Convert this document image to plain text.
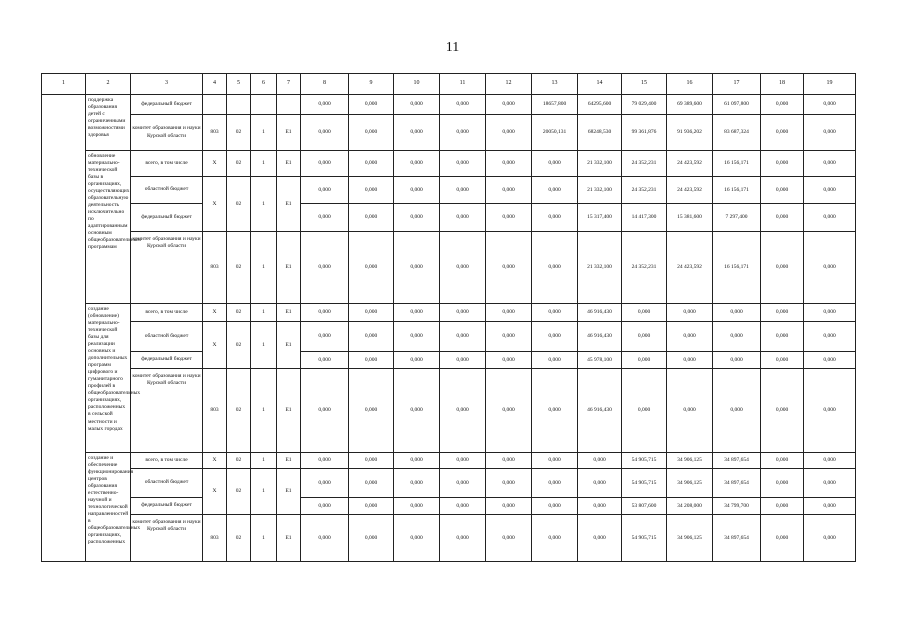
11
1	2	3	4	5	6	7	8	9	10	11	12	13	14	15	16	17	18	19
	поддержка образования детей с ограниченными возможностями здоровья	федеральный бюджет					0,000	0,000	0,000	0,000	0,000	18657,800	64295,600	79 029,400	69 389,600	61 097,800	0,000	0,000
		комитет образования и науки Курской области	803	02	1	E1	0,000	0,000	0,000	0,000	0,000	20050,131	68248,530	99 361,876	91 936,202	83 687,324	0,000	0,000
	обновление материально-технической базы в организациях, осуществляющих образовательную деятельность исключительно по адаптированным основным общеобразовательным программам	всего, в том числе	X	02	1	E1	0,000	0,000	0,000	0,000	0,000	0,000	21 332,100	24 352,231	24 423,592	16 156,171	0,000	0,000
		областной бюджет	X	02	1	E1	0,000	0,000	0,000	0,000	0,000	0,000	21 332,100	24 352,231	24 423,592	16 156,171	0,000	0,000
		федеральный бюджет					0,000	0,000	0,000	0,000	0,000	0,000	15 317,400	14 417,300	15 381,600	7 297,400	0,000	0,000
		комитет образования и науки Курской области	803	02	1	E1	0,000	0,000	0,000	0,000	0,000	0,000	21 332,100	24 352,231	24 423,592	16 156,171	0,000	0,000
	создание (обновление) материально-технической базы для реализации основных и дополнительных программ цифрового и гуманитарного профилей в общеобразовательных организациях, расположенных в сельской местности и малых городах	всего, в том числе	X	02	1	E1	0,000	0,000	0,000	0,000	0,000	0,000	46 916,430	0,000	0,000	0,000	0,000	0,000
		областной бюджет	X	02	1	E1	0,000	0,000	0,000	0,000	0,000	0,000	46 916,430	0,000	0,000	0,000	0,000	0,000
		федеральный бюджет					0,000	0,000	0,000	0,000	0,000	0,000	45 978,100	0,000	0,000	0,000	0,000	0,000
		комитет образования и науки Курской области	803	02	1	E1	0,000	0,000	0,000	0,000	0,000	0,000	46 916,430	0,000	0,000	0,000	0,000	0,000
	создание и обеспечение функционирования центров образования естественно-научной и технологической направленностей в общеобразовательных организациях, расположенных	всего, в том числе	X	02	1	E1	0,000	0,000	0,000	0,000	0,000	0,000	0,000	54 905,715	34 906,125	34 897,654	0,000	0,000
		областной бюджет	X	02	1	E1	0,000	0,000	0,000	0,000	0,000	0,000	0,000	54 905,715	34 906,125	34 897,654	0,000	0,000
		федеральный бюджет					0,000	0,000	0,000	0,000	0,000	0,000	0,000	53 807,600	34 208,000	34 799,700	0,000	0,000
		комитет образования и науки Курской области	803	02	1	E1	0,000	0,000	0,000	0,000	0,000	0,000	0,000	54 905,715	34 906,125	34 897,654	0,000	0,000
